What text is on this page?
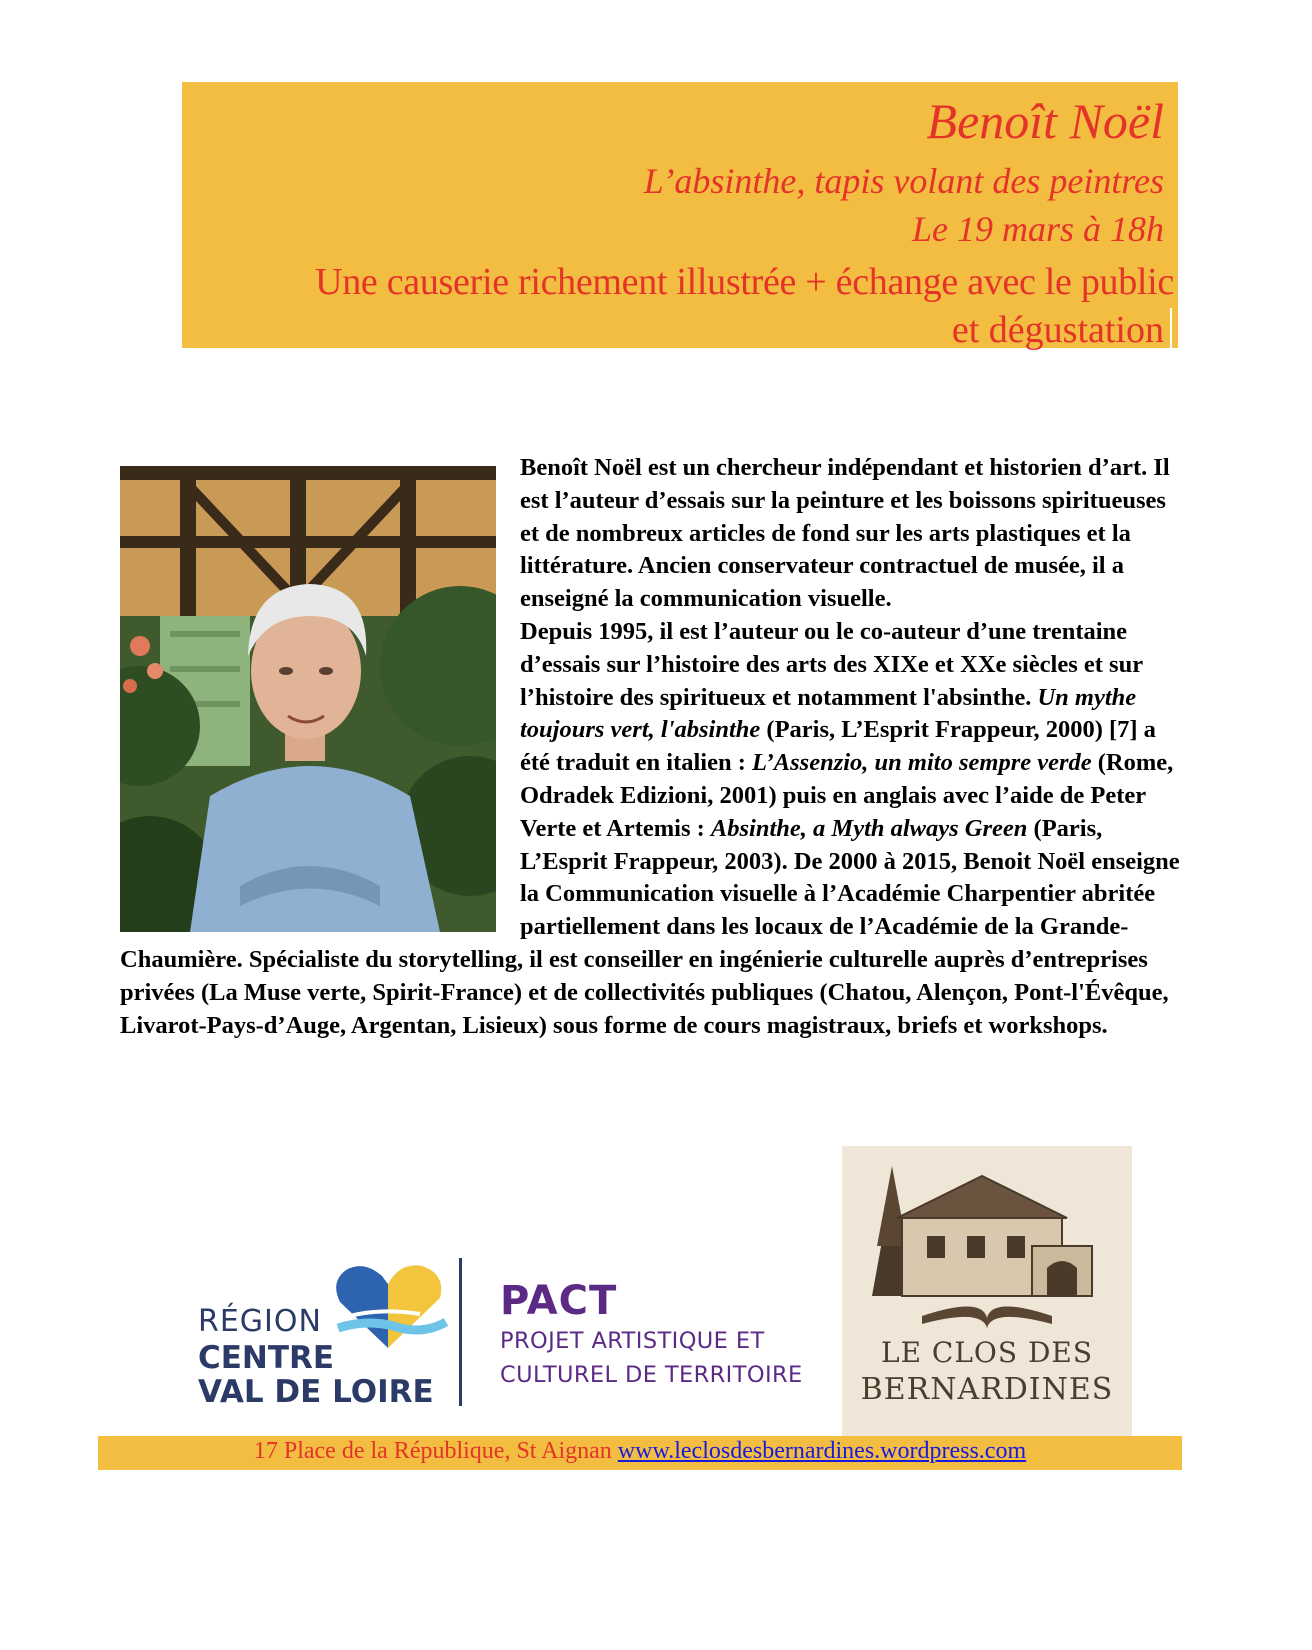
Benoît Noël
L’absinthe, tapis volant des peintres
Le 19 mars à 18h
Une causerie richement illustrée + échange avec le public
et dégustation

Benoît Noël est un chercheur indépendant et historien d’art. Il est l’auteur d’essais sur la peinture et les boissons spiritueuses et de nombreux articles de fond sur les arts plastiques et la littérature. Ancien conservateur contractuel de musée, il a enseigné la communication visuelle.

Depuis 1995, il est l’auteur ou le co-auteur d’une trentaine d’essais sur l’histoire des arts des XIXe et XXe siècles et sur l’histoire des spiritueux et notamment l'absinthe. Un mythe toujours vert, l'absinthe (Paris, L’Esprit Frappeur, 2000) [7] a été traduit en italien : L’Assenzio, un mito sempre verde (Rome, Odradek Edizioni, 2001) puis en anglais avec l’aide de Peter Verte et Artemis : Absinthe, a Myth always Green (Paris, L’Esprit Frappeur, 2003). De 2000 à 2015, Benoit Noël enseigne la Communication visuelle à l’Académie Charpentier abritée partiellement dans les locaux de l’Académie de la Grande-Chaumière. Spécialiste du storytelling, il est conseiller en ingénierie culturelle auprès d’entreprises privées (La Muse verte, Spirit-France) et de collectivités publiques (Chatou, Alençon, Pont-l'Évêque, Livarot-Pays-d’Auge, Argentan, Lisieux) sous forme de cours magistraux, briefs et workshops.

RÉGION
CENTRE
VAL DE LOIRE
PACT
PROJET ARTISTIQUE ET
CULTUREL DE TERRITOIRE
LE CLOS DES
BERNARDINES
17 Place de la République, St Aignan www.leclosdesbernardines.wordpress.com
